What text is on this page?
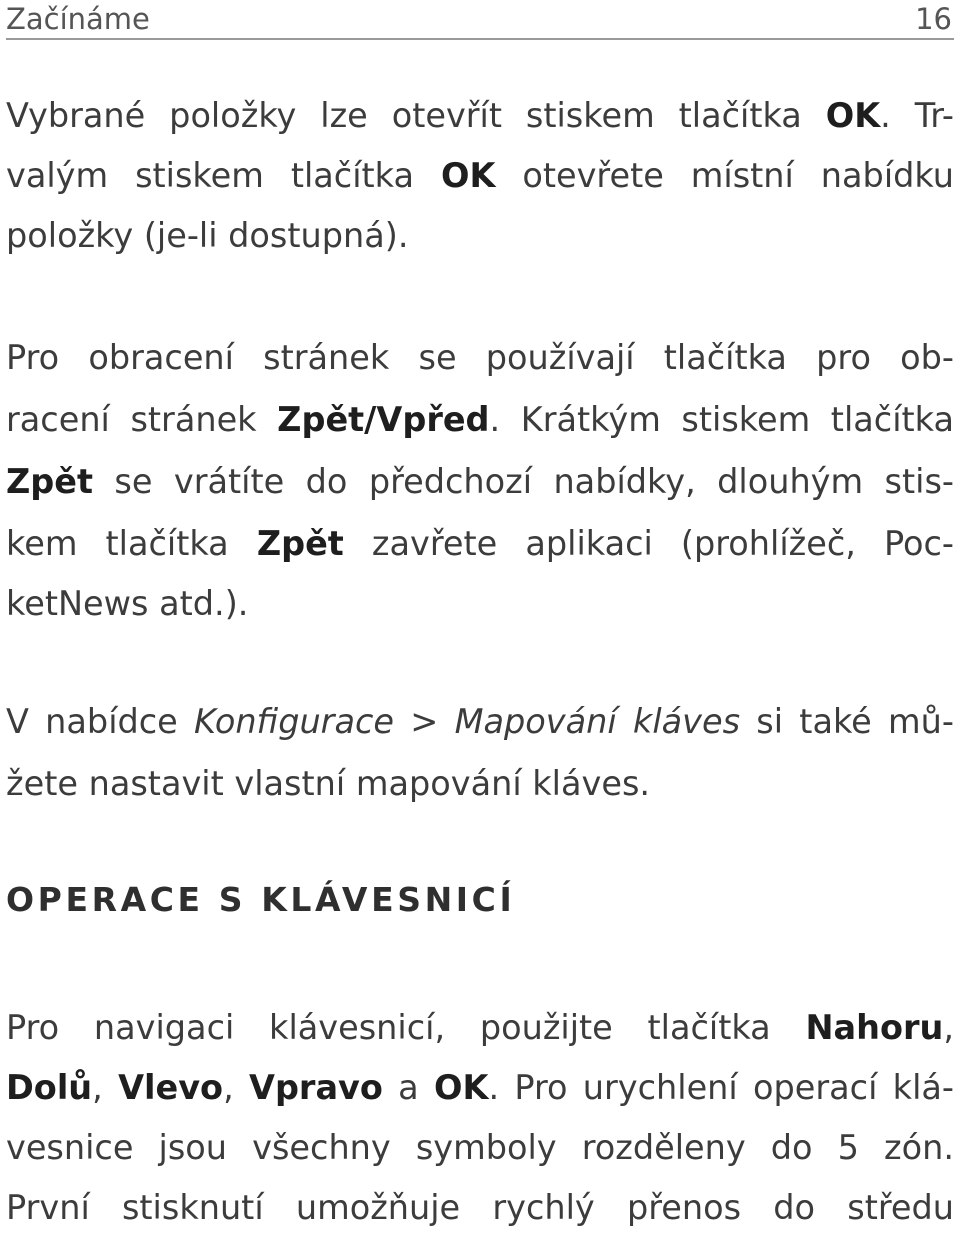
Začínáme	16
Vybrané položky lze otevřít stiskem tlačítka OK. Tr-
valým stiskem tlačítka OK otevřete místní nabídku
položky (je-li dostupná).
Pro obracení stránek se používají tlačítka pro ob-
racení stránek Zpět/Vpřed. Krátkým stiskem tlačítka
Zpět se vrátíte do předchozí nabídky, dlouhým stis-
kem tlačítka Zpět zavřete aplikaci (prohlížeč, Poc-
ketNews atd.).
V nabídce Konfigurace > Mapování kláves si také mů-
žete nastavit vlastní mapování kláves.
OPERACE S KLÁVESNICÍ
Pro navigaci klávesnicí, použijte tlačítka Nahoru,
Dolů, Vlevo, Vpravo a OK. Pro urychlení operací klá-
vesnice jsou všechny symboly rozděleny do 5 zón.
První stisknutí umožňuje rychlý přenos do středu
